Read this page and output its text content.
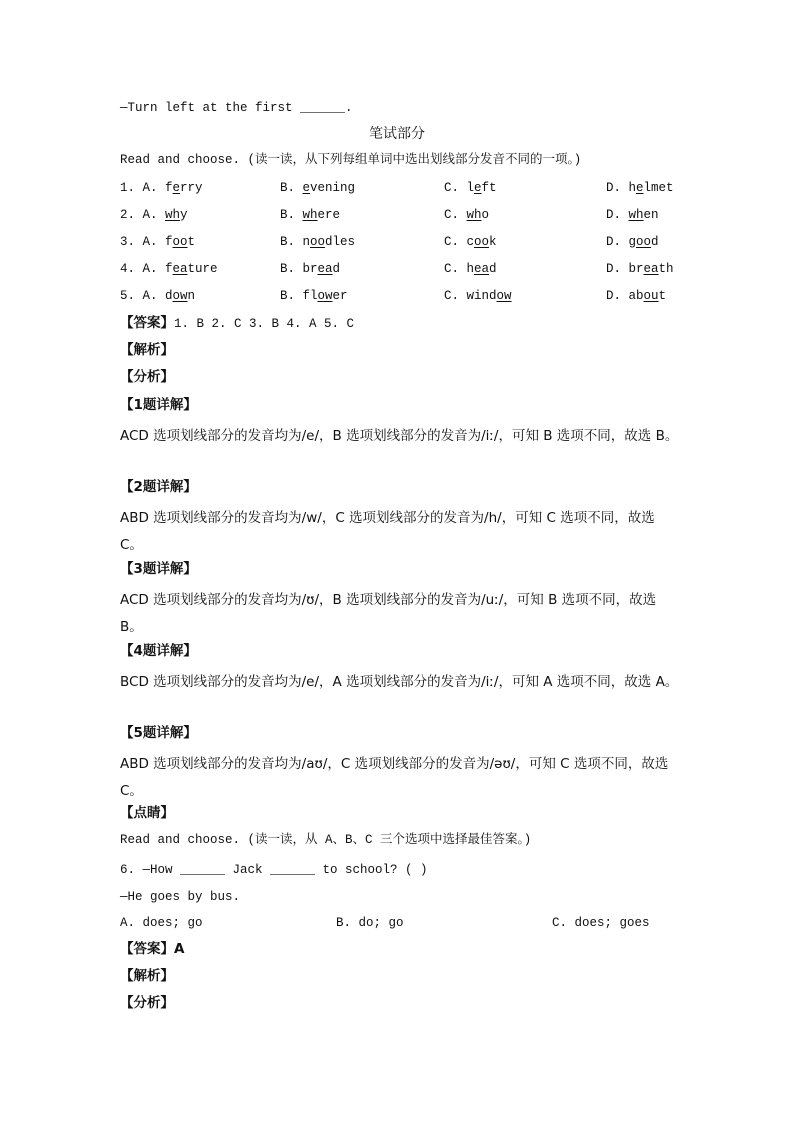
—Turn left at the first ______.
笔试部分
Read and choose. (读一读，从下列每组单词中选出划线部分发音不同的一项。)
1. A. ferry	B. evening	C. left	D. helmet
2. A. why	B. where	C. who	D. when
3. A. foot	B. noodles	C. cook	D. good
4. A. feature	B. bread	C. head	D. breath
5. A. down	B. flower	C. window	D. about
【答案】1. B 2. C 3. B 4. A 5. C
【解析】
【分析】
【1题详解】
ACD 选项划线部分的发音均为/e/，B 选项划线部分的发音为/iː/，可知 B 选项不同，故选 B。
【2题详解】
ABD 选项划线部分的发音均为/w/，C 选项划线部分的发音为/h/，可知 C 选项不同，故选 C。
【3题详解】
ACD 选项划线部分的发音均为/ʊ/，B 选项划线部分的发音为/uː/，可知 B 选项不同，故选 B。
【4题详解】
BCD 选项划线部分的发音均为/e/，A 选项划线部分的发音为/iː/，可知 A 选项不同，故选 A。
【5题详解】
ABD 选项划线部分的发音均为/aʊ/，C 选项划线部分的发音为/əʊ/，可知 C 选项不同，故选 C。
【点睛】
Read and choose. (读一读，从 A、B、C 三个选项中选择最佳答案。)
6. —How ______ Jack ______ to school? ( )
—He goes by bus.
A. does; go	B. do; go	C. does; goes
【答案】A
【解析】
【分析】
